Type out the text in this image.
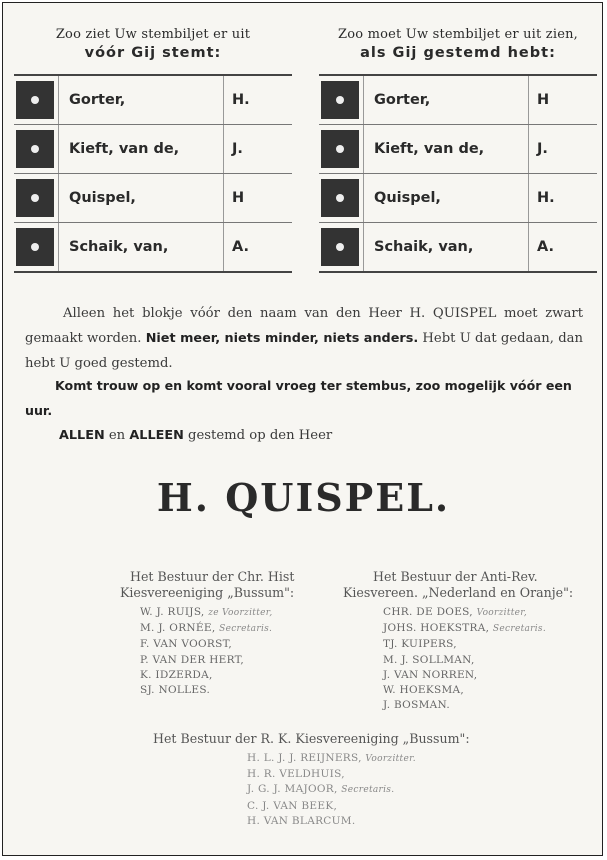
Zoo ziet Uw stembiljet er uit
vóór Gij stemt:
	Gorter,	H.

	Kieft, van de,	J.

	Quispel,	H

	Schaik, van,	A.
Zoo moet Uw stembiljet er uit zien,
als Gij gestemd hebt:
	Gorter,	H

	Kieft, van de,	J.

	Quispel,	H.

	Schaik, van,	A.
Alleen het blokje vóór den naam van den Heer H. QUISPEL moet zwart gemaakt worden. Niet meer, niets minder, niets anders. Hebt U dat gedaan, dan hebt U goed gestemd.
Komt trouw op en komt vooral vroeg ter stembus, zoo mogelijk vóór een uur.
ALLEN en ALLEEN gestemd op den Heer
H. QUISPEL.
Het Bestuur der Chr. Hist
Kiesvereeniging „Bussum":
W. J. RUIJS, ze Voorzitter,
M. J. ORNÉE, Secretaris.
F. VAN VOORST,
P. VAN DER HERT,
K. IDZERDA,
SJ. NOLLES.
Het Bestuur der Anti-Rev.
Kiesvereen. „Nederland en Oranje":
CHR. DE DOES, Voorzitter,
JOHS. HOEKSTRA, Secretaris.
TJ. KUIPERS,
M. J. SOLLMAN,
J. VAN NORREN,
W. HOEKSMA,
J. BOSMAN.
Het Bestuur der R. K. Kiesvereeniging „Bussum":
H. L. J. J. REIJNERS, Voorzitter.
H. R. VELDHUIS,
J. G. J. MAJOOR, Secretaris.
C. J. VAN BEEK,
H. VAN BLARCUM.
